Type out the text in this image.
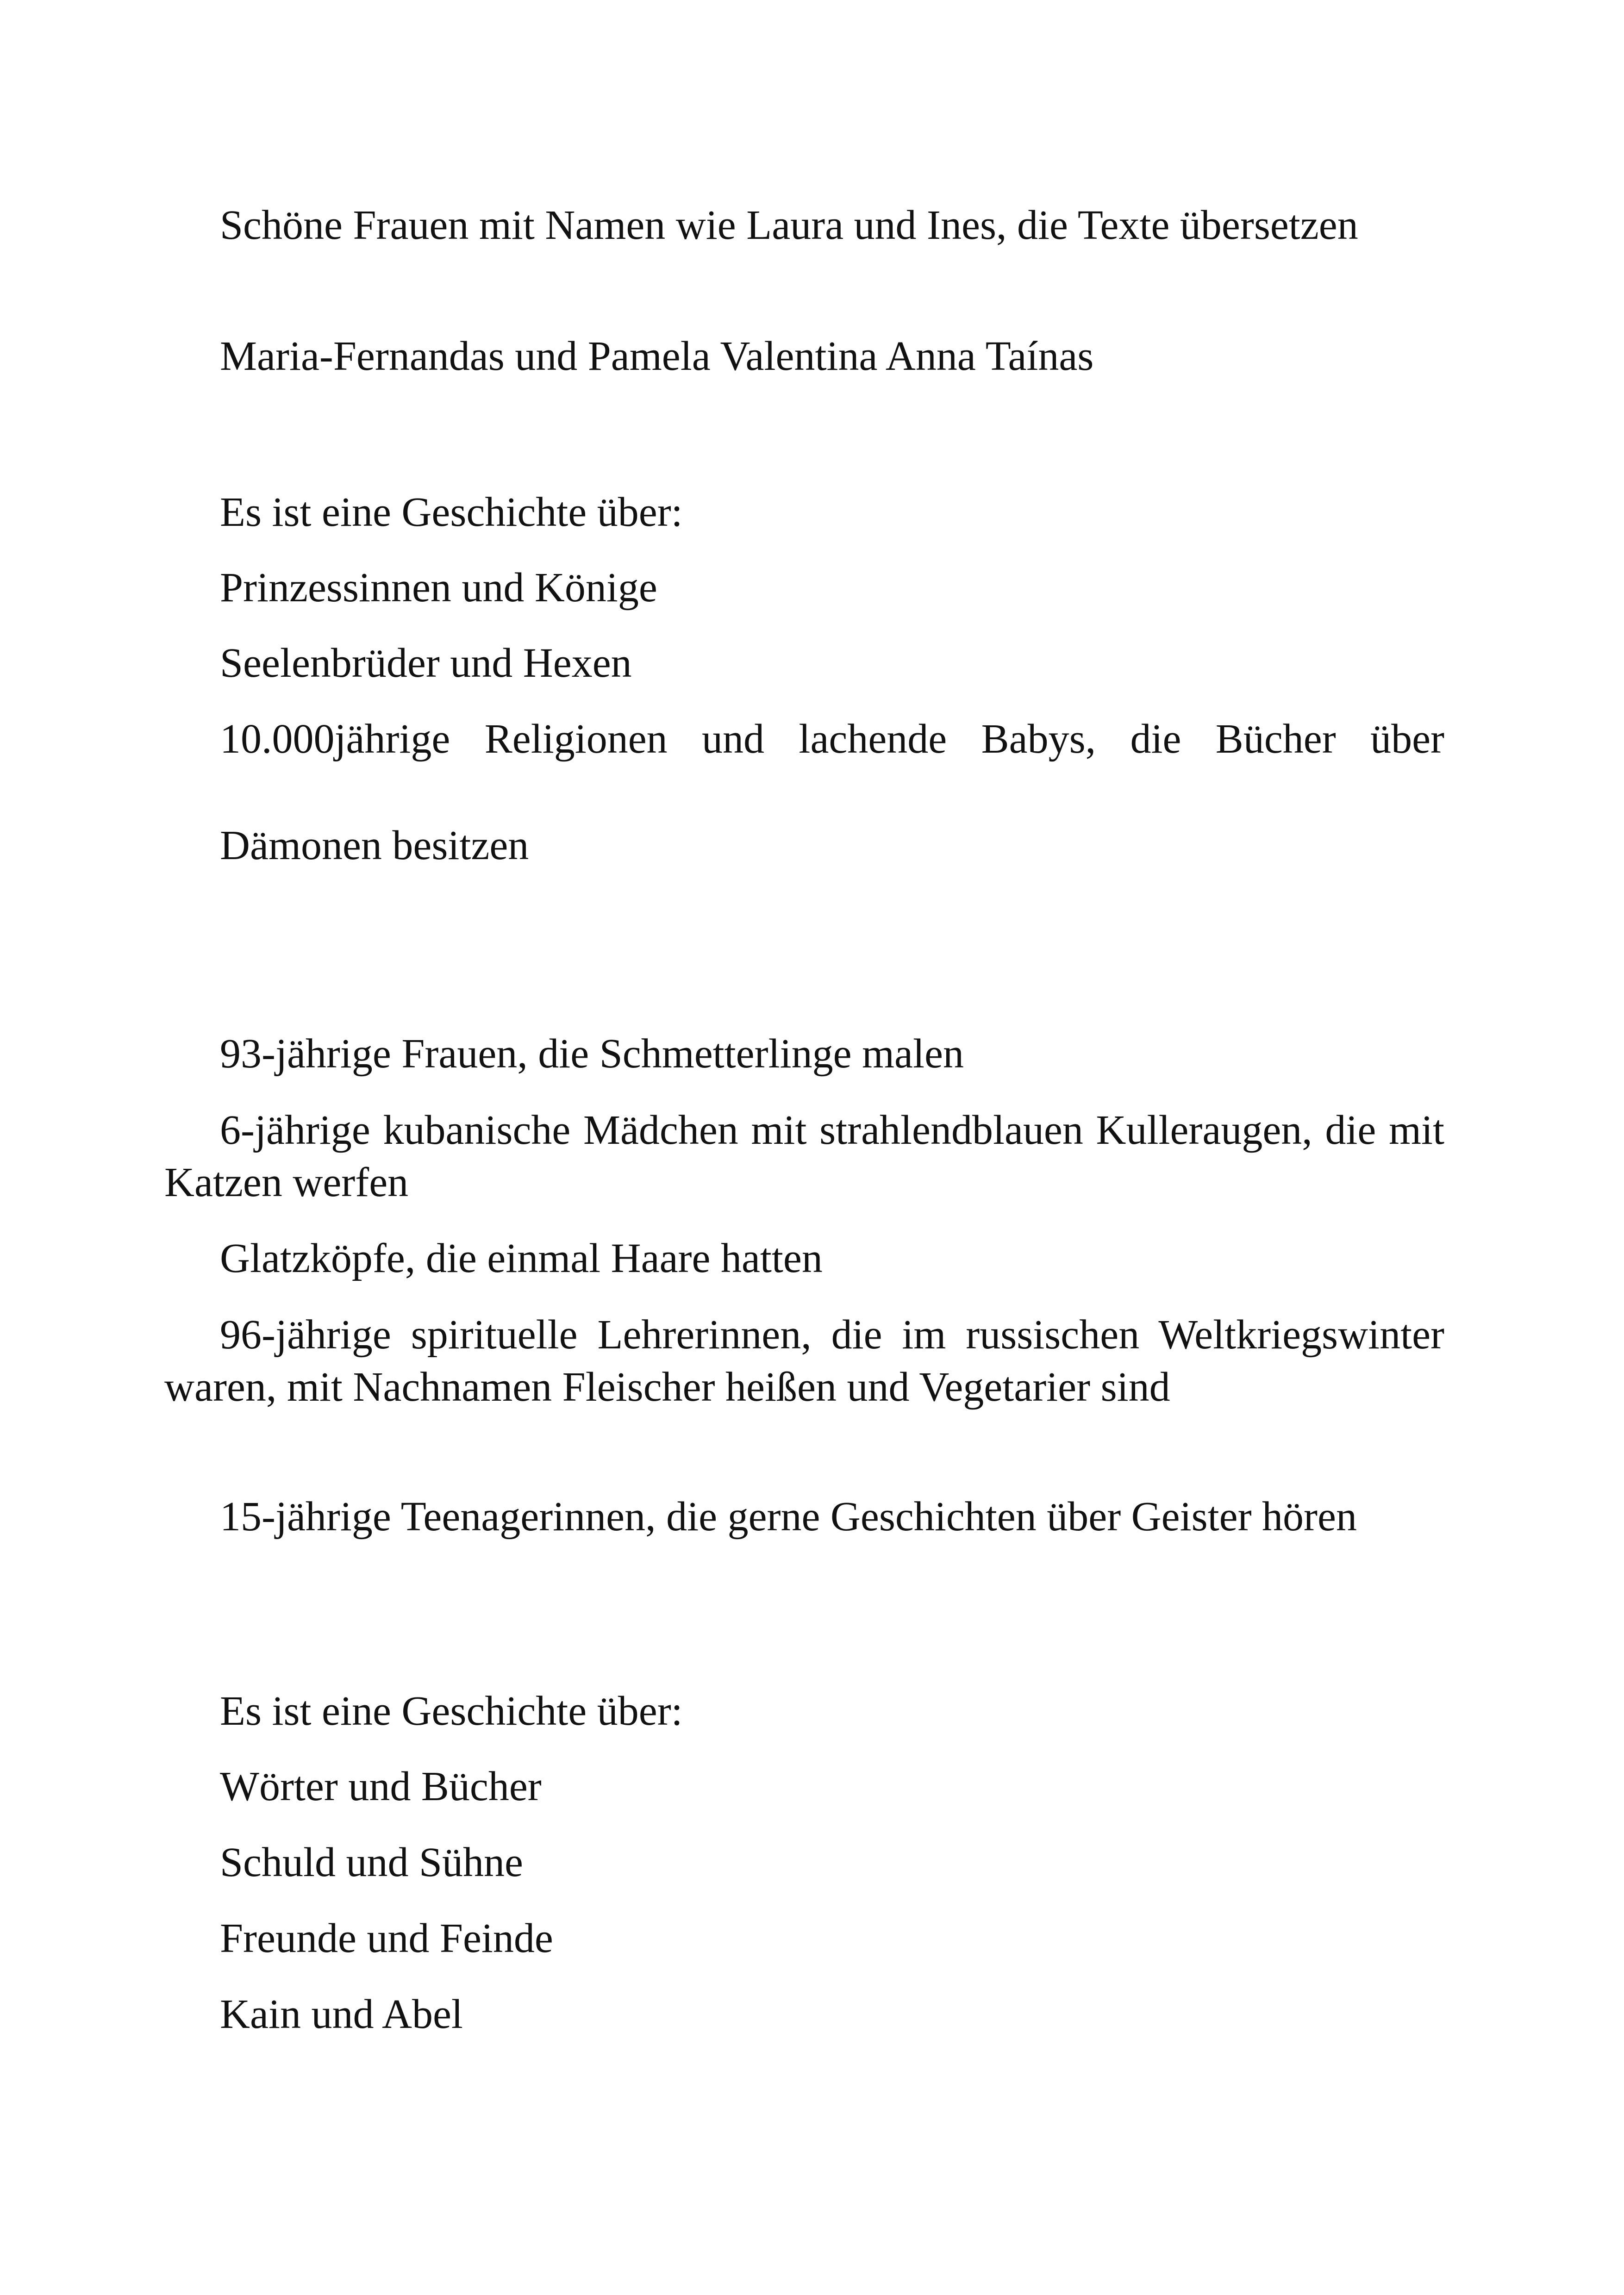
Schöne Frauen mit Namen wie Laura und Ines, die Texte übersetzen

Maria-Fernandas und Pamela Valentina Anna Taínas

Es ist eine Geschichte über:

Prinzessinnen und Könige

Seelenbrüder und Hexen

10.000jährige Religionen und lachende Babys, die Bücher über

Dämonen besitzen

93-jährige Frauen, die Schmetterlinge malen

6-jährige kubanische Mädchen mit strahlendblauen Kulleraugen, die mit Katzen werfen

Glatzköpfe, die einmal Haare hatten

96-jährige spirituelle Lehrerinnen, die im russischen Weltkriegswinter waren, mit Nachnamen Fleischer heißen und Vegetarier sind

15-jährige Teenagerinnen, die gerne Geschichten über Geister hören

Es ist eine Geschichte über:

Wörter und Bücher

Schuld und Sühne

Freunde und Feinde

Kain und Abel
